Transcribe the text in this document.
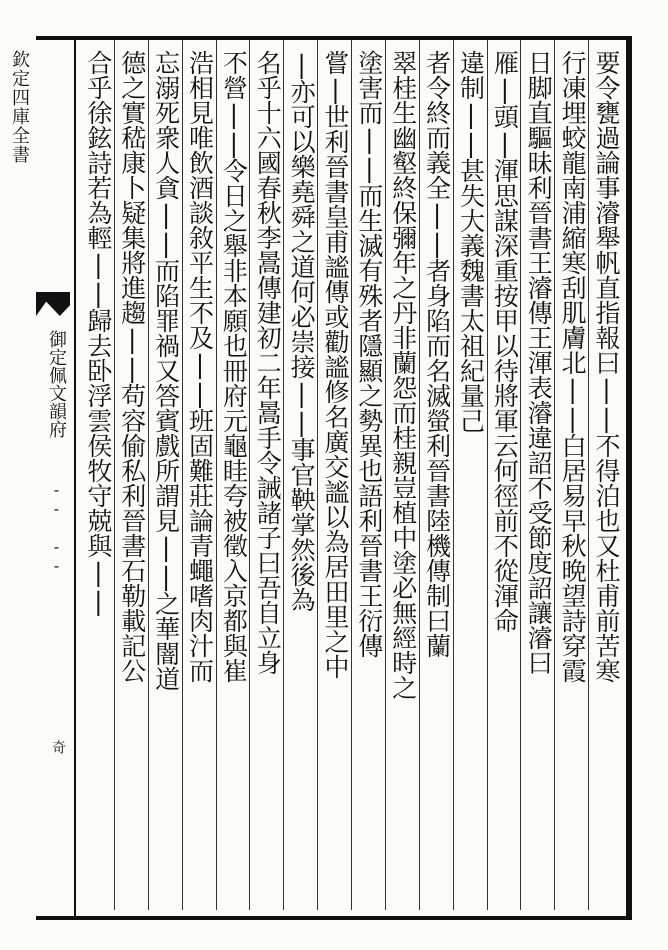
欽定四庫全書
御定佩文韻府
-- --
奇
要令甕過論事濬舉帆直指報曰||不得泊也又杜甫前苦寒
行凍埋蛟龍南浦縮寒刮肌膚北||白居易早秋晩望詩穿霞
日脚直驅昧利晉書王濬傳王渾表濬違詔不受節度詔讓濬曰
雁|頭|渾思謀深重按甲以待將軍云何徑前不從渾命
違制||甚失大義魏書太祖紀量己
者令終而義全||者身陷而名滅螢利晉書陸機傳制曰蘭
翠桂生幽壑終保彌年之丹非蘭怨而桂親豈植中塗必無經時之
塗害而||而生滅有殊者隱顯之勢異也語利晉書王衍傳
嘗|世利晉書皇甫謐傳或勸謐修名廣交謐以為居田里之中
|亦可以樂堯舜之道何必崇接||事官鞅掌然後為
名乎十六國春秋李暠傳建初二年暠手令誡諸子曰吾自立身
不營||令日之舉非本願也冊府元龜眭夸被徵入京都與崔
浩相見唯飲酒談敘平生不及||班固難莊論青蠅嗜肉汁而
忘溺死衆人貪||而陷罪禍又答賓戲所謂見||之華闇道
德之實嵇康卜疑集將進趨||苟容偷私利晉書石勒載記公
合乎徐鉉詩若為輕||歸去卧浮雲侯牧守兢與||
